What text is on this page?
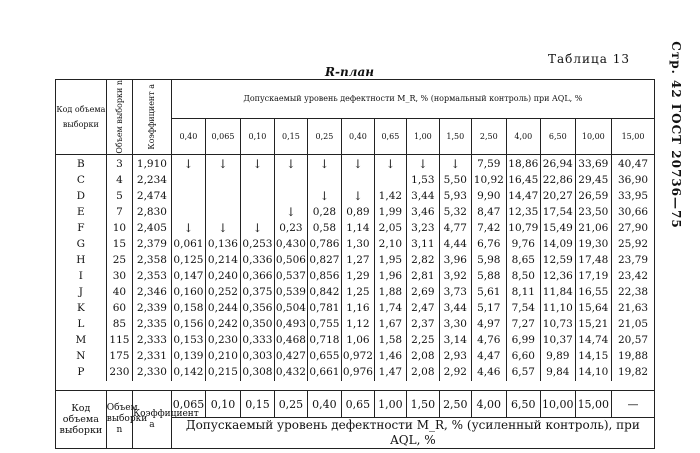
Стр. 42 ГОСТ 20736—75
Таблица 13
R-план
Код объема выборки	Объем выборки n	Коэффициент a	Допускаемый уровень дефектности M_R, % (нормальный контроль) при AQL, %													
			0,40	0,065	0,10	0,15	0,25	0,40	0,65	1,00	1,50	2,50	4,00	6,50	10,00	15,00
B	3	1,910	↓	↓	↓	↓	↓	↓	↓	↓	↓	7,59	18,86	26,94	33,69	40,47
C	4	2,234								1,53	5,50	10,92	16,45	22,86	29,45	36,90
D	5	2,474					↓	↓	1,42	3,44	5,93	9,90	14,47	20,27	26,59	33,95
E	7	2,830				↓	0,28	0,89	1,99	3,46	5,32	8,47	12,35	17,54	23,50	30,66
F	10	2,405	↓	↓	↓	0,23	0,58	1,14	2,05	3,23	4,77	7,42	10,79	15,49	21,06	27,90
G	15	2,379	0,061	0,136	0,253	0,430	0,786	1,30	2,10	3,11	4,44	6,76	9,76	14,09	19,30	25,92
H	25	2,358	0,125	0,214	0,336	0,506	0,827	1,27	1,95	2,82	3,96	5,98	8,65	12,59	17,48	23,79
I	30	2,353	0,147	0,240	0,366	0,537	0,856	1,29	1,96	2,81	3,92	5,88	8,50	12,36	17,19	23,42
J	40	2,346	0,160	0,252	0,375	0,539	0,842	1,25	1,88	2,69	3,73	5,61	8,11	11,84	16,55	22,38
K	60	2,339	0,158	0,244	0,356	0,504	0,781	1,16	1,74	2,47	3,44	5,17	7,54	11,10	15,64	21,63
L	85	2,335	0,156	0,242	0,350	0,493	0,755	1,12	1,67	2,37	3,30	4,97	7,27	10,73	15,21	21,05
M	115	2,333	0,153	0,230	0,333	0,468	0,718	1,06	1,58	2,25	3,14	4,76	6,99	10,37	14,74	20,57
N	175	2,331	0,139	0,210	0,303	0,427	0,655	0,972	1,46	2,08	2,93	4,47	6,60	9,89	14,15	19,88
P	230	2,330	0,142	0,215	0,308	0,432	0,661	0,976	1,47	2,08	2,92	4,46	6,57	9,84	14,10	19,82

Код объема выборки	Объем выборки n	Коэффициент a	0,065	0,10	0,15	0,25	0,40	0,65	1,00	1,50	2,50	4,00	6,50	10,00	15,00	—
			Допускаемый уровень дефектности M_R, % (усиленный контроль), при AQL, %													
